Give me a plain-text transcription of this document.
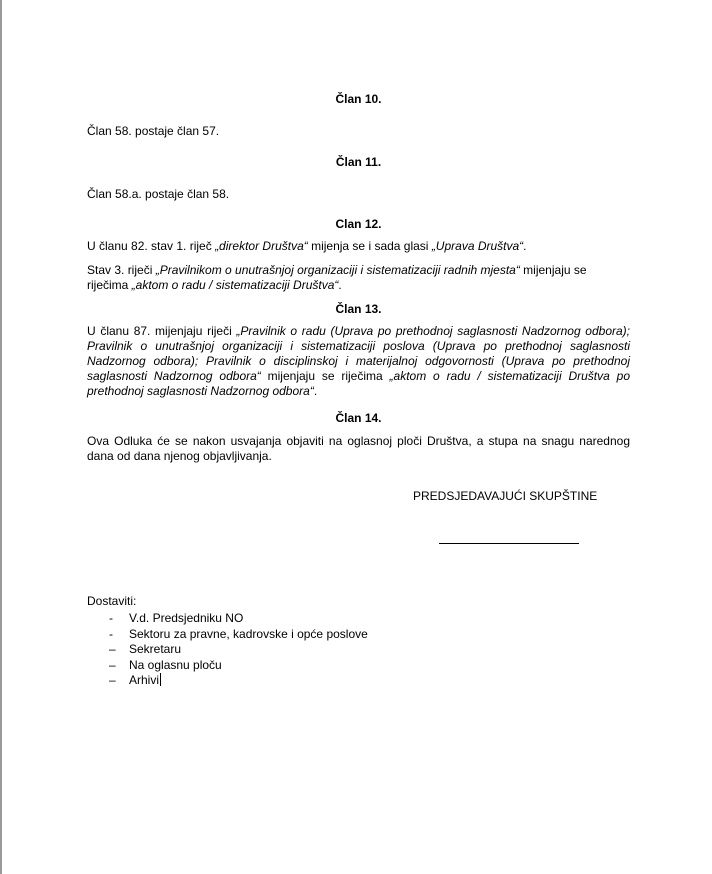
Član 10.
Član 58. postaje član 57.
Član 11.
Član 58.a. postaje član 58.
Clan 12.
U članu 82. stav 1. riječ „direktor Društva“ mijenja se i sada glasi „Uprava Društva“.
Stav 3. riječi „Pravilnikom o unutrašnjoj organizaciji i sistematizaciji radnih mjesta“ mijenjaju se riječima „aktom o radu / sistematizaciji Društva“.
Član 13.
U članu 87. mijenjaju riječi „Pravilnik o radu (Uprava po prethodnoj saglasnosti Nadzornog odbora); Pravilnik o unutrašnjoj organizaciji i sistematizaciji poslova (Uprava po prethodnoj saglasnosti Nadzornog odbora); Pravilnik o disciplinskoj i materijalnoj odgovornosti (Uprava po prethodnoj saglasnosti Nadzornog odbora“ mijenjaju se riječima „aktom o radu / sistematizaciji Društva po prethodnoj saglasnosti Nadzornog odbora“.
Član 14.
Ova Odluka će se nakon usvajanja objaviti na oglasnoj ploči Društva, a stupa na snagu narednog dana od dana njenog objavljivanja.
PREDSJEDAVAJUĆI SKUPŠTINE
Dostaviti:
- V.d. Predsjedniku NO
- Sektoru za pravne, kadrovske i opće poslove
– Sekretaru
– Na oglasnu ploču
– Arhivi
